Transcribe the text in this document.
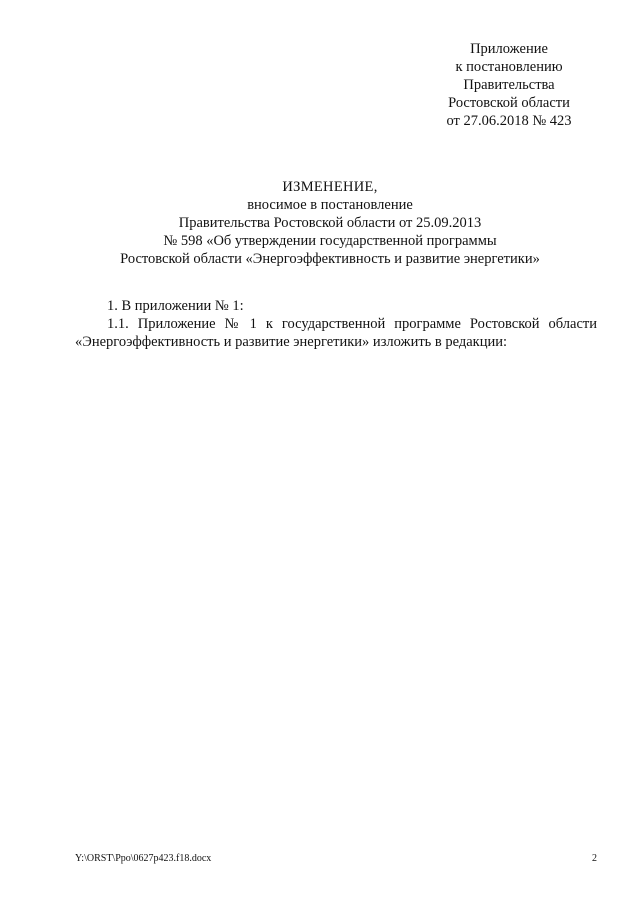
Приложение
к постановлению
Правительства
Ростовской области
от 27.06.2018 № 423
ИЗМЕНЕНИЕ,
вносимое в постановление
Правительства Ростовской области от 25.09.2013
№ 598 «Об утверждении государственной программы
Ростовской области «Энергоэффективность и развитие энергетики»
1. В приложении № 1:
1.1. Приложение № 1 к государственной программе Ростовской области
«Энергоэффективность и развитие энергетики» изложить в редакции:
Y:\ORST\Ppo\0627p423.f18.docx	2
